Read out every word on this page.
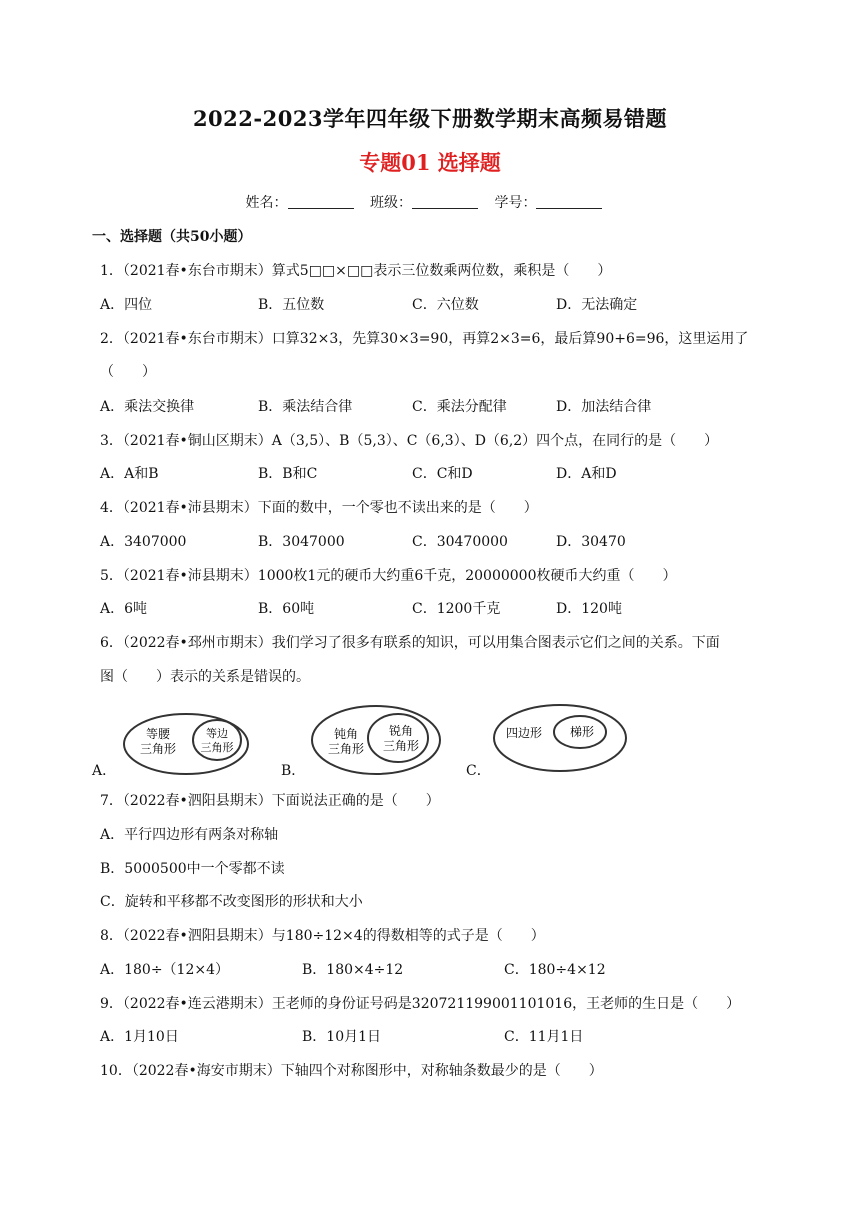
2022-2023学年四年级下册数学期末高频易错题
专题01 选择题
姓名：	班级：	学号：
一、选择题（共50小题）
1．（2021春•东台市期末）算式5□□×□□表示三位数乘两位数，乘积是（　　）
A．四位	B．五位数	C．六位数	D．无法确定
2．（2021春•东台市期末）口算32×3，先算30×3=90，再算2×3=6，最后算90+6=96，这里运用了
（　　）
A．乘法交换律	B．乘法结合律	C．乘法分配律	D．加法结合律
3．（2021春•铜山区期末）A（3,5）、B（5,3）、C（6,3）、D（6,2）四个点，在同行的是（　　）
A．A和B	B．B和C	C．C和D	D．A和D
4．（2021春•沛县期末）下面的数中，一个零也不读出来的是（　　）
A．3407000	B．3047000	C．30470000	D．30470
5．（2021春•沛县期末）1000枚1元的硬币大约重6千克，20000000枚硬币大约重（　　）
A．6吨	B．60吨	C．1200千克	D．120吨
6．（2022春•邳州市期末）我们学习了很多有联系的知识，可以用集合图表示它们之间的关系。下面
图（　　）表示的关系是错误的。
等腰
三角形
等边
三角形
A．
钝角
三角形
锐角
三角形
B．
四边形 梯形
C．
7．（2022春•泗阳县期末）下面说法正确的是（　　）
A．平行四边形有两条对称轴
B．5000500中一个零都不读
C．旋转和平移都不改变图形的形状和大小
8．（2022春•泗阳县期末）与180÷12×4的得数相等的式子是（　　）
A．180÷（12×4）	B．180×4÷12	C．180÷4×12
9．（2022春•连云港期末）王老师的身份证号码是320721199001101016，王老师的生日是（　　）
A．1月10日	B．10月1日	C．11月1日
10．（2022春•海安市期末）下轴四个对称图形中，对称轴条数最少的是（　　）
